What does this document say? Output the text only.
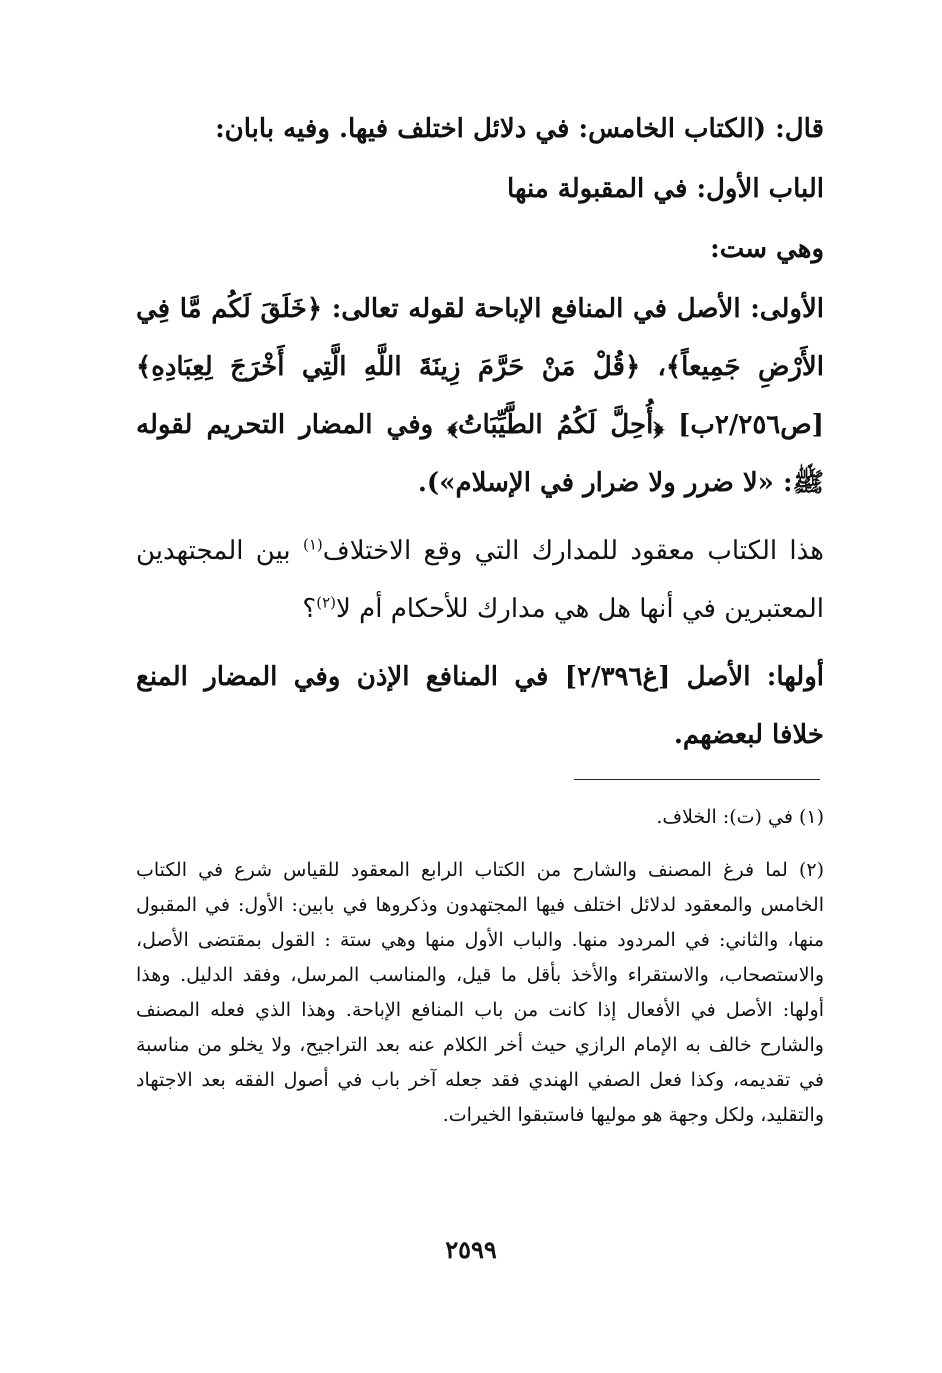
قال: (الكتاب الخامس: في دلائل اختلف فيها. وفيه بابان:

الباب الأول: في المقبولة منها

وهي ست:

الأولى: الأصل في المنافع الإباحة لقوله تعالى: ﴿خَلَقَ لَكُم مَّا فِي الأَرْضِ جَمِيعاً﴾، ﴿قُلْ مَنْ حَرَّمَ زِينَةَ اللَّهِ الَّتِي أَخْرَجَ لِعِبَادِهِ﴾ [ص٢/٢٥٦ب] ﴿أُحِلَّ لَكُمُ الطَّيِّبَاتُ﴾ وفي المضار التحريم لقوله ﷺ: «لا ضرر ولا ضرار في الإسلام»).

هذا الكتاب معقود للمدارك التي وقع الاختلاف$^{(١)}$ بين المجتهدين المعتبرين في أنها هل هي مدارك للأحكام أم لا$^{(٢)}$؟

أولها: الأصل [غ٢/٣٩٦] في المنافع الإذن وفي المضار المنع خلافا لبعضهم.

(١) في (ت): الخلاف.

(٢) لما فرغ المصنف والشارح من الكتاب الرابع المعقود للقياس شرع في الكتاب الخامس والمعقود لدلائل اختلف فيها المجتهدون وذكروها في بابين: الأول: في المقبول منها، والثاني: في المردود منها. والباب الأول منها وهي ستة : القول بمقتضى الأصل، والاستصحاب، والاستقراء والأخذ بأقل ما قيل، والمناسب المرسل، وفقد الدليل. وهذا أولها: الأصل في الأفعال إذا كانت من باب المنافع الإباحة. وهذا الذي فعله المصنف والشارح خالف به الإمام الرازي حيث أخر الكلام عنه بعد التراجيح، ولا يخلو من مناسبة في تقديمه، وكذا فعل الصفي الهندي فقد جعله آخر باب في أصول الفقه بعد الاجتهاد والتقليد، ولكل وجهة هو موليها فاستبقوا الخيرات.

٢٥٩٩
